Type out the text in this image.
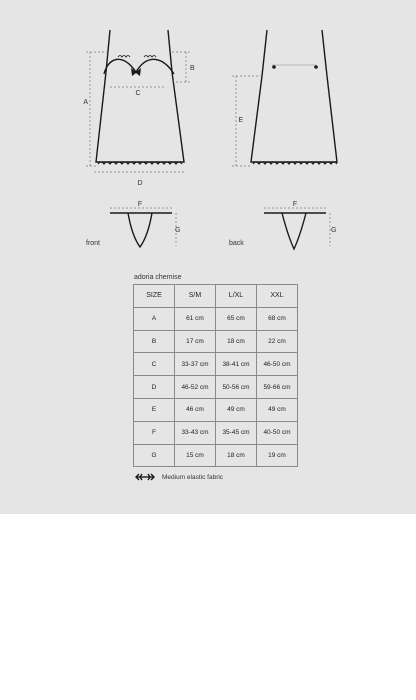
A
B
C
D
E
F
G
F
G
front	back
adoria chemise
SIZE	S/M	L/XL	XXL
A	61 cm	65 cm	68 cm
B	17 cm	18 cm	22 cm
C	33-37 cm	38-41 cm	46-50 cm
D	46-52 cm	50-56 cm	59-66 cm
E	46 cm	49 cm	49 cm
F	33-43 cm	35-45 cm	40-50 cm
G	15 cm	18 cm	19 cm
Medium elastic fabric
